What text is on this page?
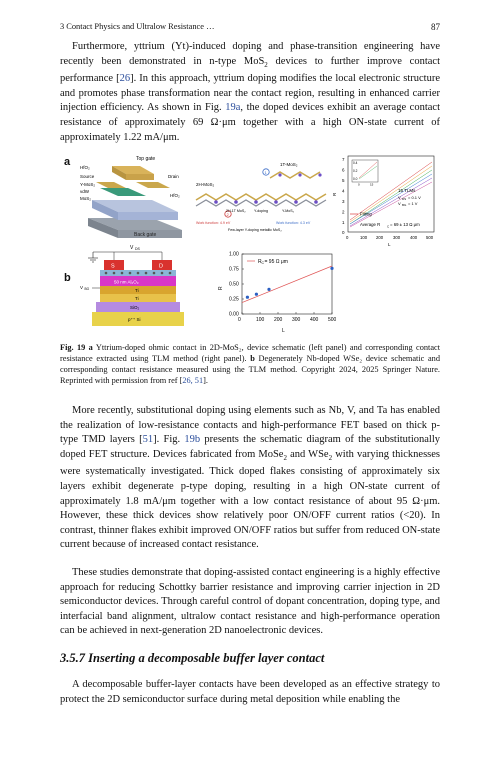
3 Contact Physics and Ultralow Resistance …	87

Furthermore, yttrium (Yt)-induced doping and phase-transition engineering have recently been demonstrated in n-type MoS$_2$ devices to further improve contact performance [26]. In this approach, yttrium doping modifies the local electronic structure and promotes phase transformation near the contact region, resulting in enhanced carrier injection efficiency. As shown in Fig. 19a, the doped devices exhibit an average contact resistance of approximately 69 Ω·μm together with a high ON-state current of approximately 1.22 mA/μm.

a
b
Top gate
Drain
Source
HfO₂
HfO₂
Y-MoS₂
vdW
MoS₂
Back gate
2H-MoS₂
1T-MoS₂
1
2
2H-1T MoS₂ Y-doping	Y-MoS₂
Work function: 4.9 eV	Work function: 4.3 eV
Few-layer Y-doping metallic MoS₂
7
6
5
4
3
2
1
0
0	100 200 300 400 500
R
L
0.4
0.2
0.0
0	15
15 TLMs
V DS = 0.1 V
V BG = 1 V
Fitting
Average R C = 69 ± 13 Ω μm
V DS
S	D
50 nm Al₂O₃
Ti
Ti
SiO₂
p⁺⁺ Si
V BG	R
L
0	100 200 300 400 500
0.00
0.25
0.50
0.75
1.00
R C = 95 Ω μm
Fig. 19 a Yttrium-doped ohmic contact in 2D-MoS₂, device schematic (left panel) and corresponding contact resistance extracted using TLM method (right panel). b Degenerately Nb-doped WSe₂ device schematic and corresponding contact resistance measured using the TLM method. Copyright 2024, 2025 Springer Nature. Reprinted with permission from ref [26, 51].

More recently, substitutional doping using elements such as Nb, V, and Ta has enabled the realization of low-resistance contacts and high-performance FET based on thick p-type TMD layers [51]. Fig. 19b presents the schematic diagram of the substitutionally doped FET structure. Devices fabricated from MoSe$_2$ and WSe$_2$ with varying thicknesses were systematically investigated. Thick doped flakes consisting of approximately six layers exhibit degenerate p-type doping, resulting in a high ON-state current of approximately 1.8 mA/μm together with a low contact resistance of about 95 Ω·μm. However, these thick devices show relatively poor ON/OFF current ratios (<20). In contrast, thinner flakes exhibit improved ON/OFF ratios but suffer from reduced ON-state current because of increased contact resistance.

These studies demonstrate that doping-assisted contact engineering is a highly effective approach for reducing Schottky barrier resistance and improving carrier injection in 2D semiconductor devices. Through careful control of dopant concentration, doping type, and interfacial band alignment, ultralow contact resistance and high-performance operation can be achieved in next-generation 2D nanoelectronic devices.

3.5.7 Inserting a decomposable buffer layer contact

A decomposable buffer-layer contacts have been developed as an effective strategy to protect the 2D semiconductor surface during metal deposition while enabling the
